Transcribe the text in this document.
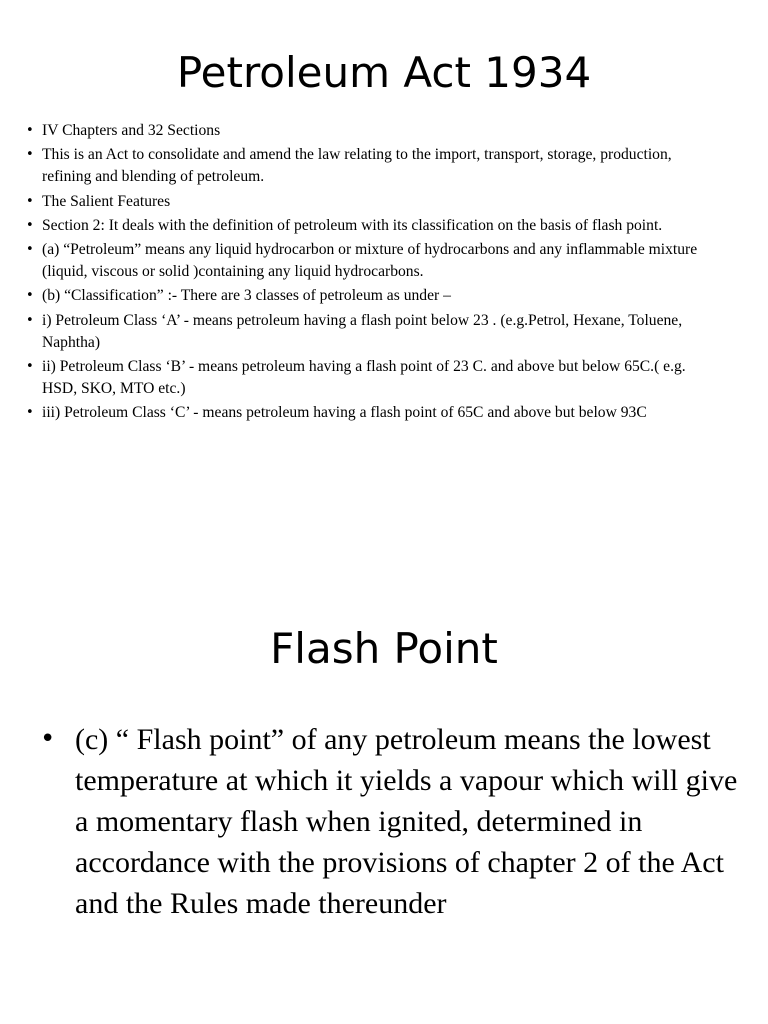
Petroleum Act 1934
• IV Chapters and 32 Sections
• This is an Act to consolidate and amend the law relating to the import, transport, storage, production, refining and blending of petroleum.
• The Salient Features
• Section 2: It deals with the definition of petroleum with its classification on the basis of flash point.
• (a) “Petroleum” means any liquid hydrocarbon or mixture of hydrocarbons and any inflammable mixture (liquid, viscous or solid )containing any liquid hydrocarbons.
• (b) “Classification” :- There are 3 classes of petroleum as under –
• i) Petroleum Class ‘A’ - means petroleum having a flash point below 23 . (e.g.Petrol, Hexane, Toluene, Naphtha)
• ii) Petroleum Class ‘B’ - means petroleum having a flash point of 23 C. and above but below 65C.( e.g. HSD, SKO, MTO etc.)
• iii) Petroleum Class ‘C’ - means petroleum having a flash point of 65C and above but below 93C
Flash Point
• (c) “ Flash point” of any petroleum means the lowest temperature at which it yields a vapour which will give a momentary flash when ignited, determined in accordance with the provisions of chapter 2 of the Act and the Rules made thereunder
